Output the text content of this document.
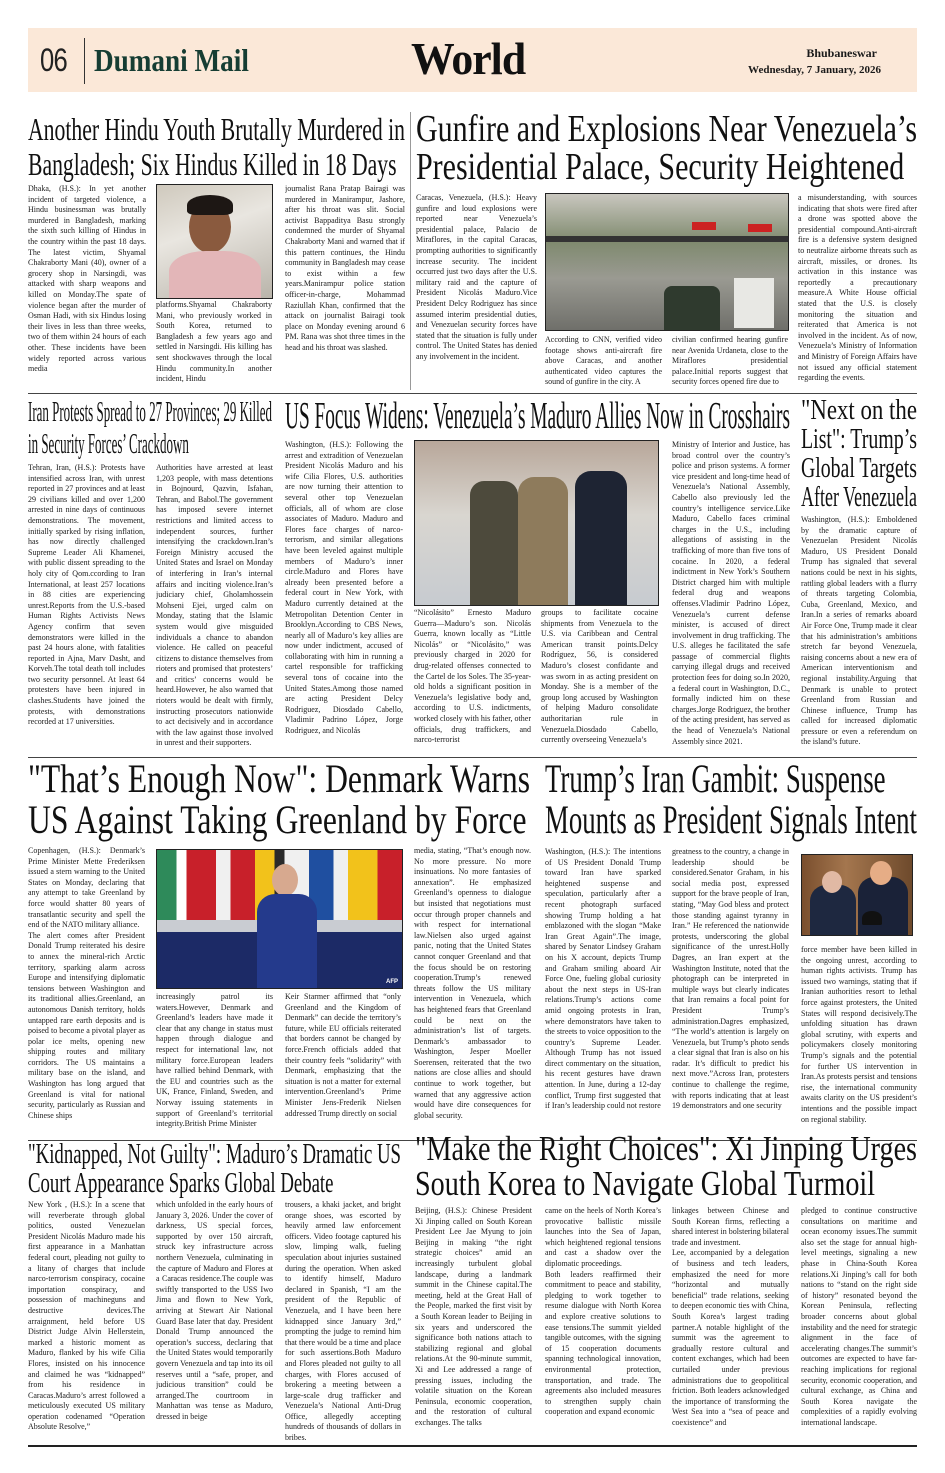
06 Dumani Mail	World	Bhubaneswar
Wednesday, 7 January, 2026
Another Hindu Youth Brutally Murdered in
Bangladesh; Six Hindus Killed in 18 Days
Dhaka, (H.S.): In yet another incident of targeted violence, a Hindu businessman was brutally murdered in Bangladesh, marking the sixth such killing of Hindus in the country within the past 18 days. The latest victim, Shyamal Chakraborty Mani (40), owner of a grocery shop in Narsingdi, was attacked with sharp weapons and killed on Monday.The spate of violence began after the murder of Osman Hadi, with six Hindus losing their lives in less than three weeks, two of them within 24 hours of each other. These incidents have been widely reported across various media
platforms.Shyamal Chakraborty Mani, who previously worked in South Korea, returned to Bangladesh a few years ago and settled in Narsingdi. His killing has sent shockwaves through the local Hindu community.In another incident, Hindu
journalist Rana Pratap Bairagi was murdered in Manirampur, Jashore, after his throat was slit. Social activist Bappaditya Basu strongly condemned the murder of Shyamal Chakraborty Mani and warned that if this pattern continues, the Hindu community in Bangladesh may cease to exist within a few years.Manirampur police station officer-in-charge, Mohammad Raziullah Khan, confirmed that the attack on journalist Bairagi took place on Monday evening around 6 PM. Rana was shot three times in the head and his throat was slashed.
Gunfire and Explosions Near Venezuela’s
Presidential Palace, Security Heightened
Caracas, Venezuela, (H.S.): Heavy gunfire and loud explosions were reported near Venezuela’s presidential palace, Palacio de Miraflores, in the capital Caracas, prompting authorities to significantly increase security. The incident occurred just two days after the U.S. military raid and the capture of President Nicolás Maduro.Vice President Delcy Rodriguez has since assumed interim presidential duties, and Venezuelan security forces have stated that the situation is fully under control. The United States has denied any involvement in the incident.
According to CNN, verified video footage shows anti-aircraft fire above Caracas, and another authenticated video captures the sound of gunfire in the city. A
civilian confirmed hearing gunfire near Avenida Urdaneta, close to the Miraflores presidential palace.Initial reports suggest that security forces opened fire due to
a misunderstanding, with sources indicating that shots were fired after a drone was spotted above the presidential compound.Anti-aircraft fire is a defensive system designed to neutralize airborne threats such as aircraft, missiles, or drones. Its activation in this instance was reportedly a precautionary measure.A White House official stated that the U.S. is closely monitoring the situation and reiterated that America is not involved in the incident. As of now, Venezuela’s Ministry of Information and Ministry of Foreign Affairs have not issued any official statement regarding the events.
Iran Protests Spread to 27 Provinces; 29 Killed
in Security Forces’ Crackdown
Tehran, Iran, (H.S.): Protests have intensified across Iran, with unrest reported in 27 provinces and at least 29 civilians killed and over 1,200 arrested in nine days of continuous demonstrations. The movement, initially sparked by rising inflation, has now directly challenged Supreme Leader Ali Khamenei, with public dissent spreading to the holy city of Qom.ccording to Iran International, at least 257 locations in 88 cities are experiencing unrest.Reports from the U.S.-based Human Rights Activists News Agency confirm that seven demonstrators were killed in the past 24 hours alone, with fatalities reported in Ajna, Marv Dasht, and Korveh.The total death toll includes two security personnel. At least 64 protesters have been injured in clashes.Students have joined the protests, with demonstrations recorded at 17 universities.
Authorities have arrested at least 1,203 people, with mass detentions in Bojnourd, Qazvin, Isfahan, Tehran, and Babol.The government has imposed severe internet restrictions and limited access to independent sources, further intensifying the crackdown.Iran’s Foreign Ministry accused the United States and Israel on Monday of interfering in Iran’s internal affairs and inciting violence.Iran’s judiciary chief, Gholamhossein Mohseni Ejei, urged calm on Monday, stating that the Islamic system would give misguided individuals a chance to abandon violence. He called on peaceful citizens to distance themselves from rioters and promised that protesters’ and critics’ concerns would be heard.However, he also warned that rioters would be dealt with firmly, instructing prosecutors nationwide to act decisively and in accordance with the law against those involved in unrest and their supporters.
US Focus Widens: Venezuela’s Maduro Allies Now in Crosshairs
Washington, (H.S.): Following the arrest and extradition of Venezuelan President Nicolás Maduro and his wife Cilia Flores, U.S. authorities are now turning their attention to several other top Venezuelan officials, all of whom are close associates of Maduro. Maduro and Flores face charges of narco-terrorism, and similar allegations have been leveled against multiple members of Maduro’s inner circle.Maduro and Flores have already been presented before a federal court in New York, with Maduro currently detained at the Metropolitan Detention Center in Brooklyn.According to CBS News, nearly all of Maduro’s key allies are now under indictment, accused of collaborating with him in running a cartel responsible for trafficking several tons of cocaine into the United States.Among those named are acting President Delcy Rodriguez, Diosdado Cabello, Vladimir Padrino López, Jorge Rodriguez, and Nicolás
“Nicolásito” Ernesto Maduro Guerra—Maduro’s son. Nicolás Guerra, known locally as “Little Nicolás” or “Nicolásito,” was previously charged in 2020 for drug-related offenses connected to the Cartel de los Soles. The 35-year-old holds a significant position in Venezuela’s legislative body and, according to U.S. indictments, worked closely with his father, other officials, drug traffickers, and narco-terrorist
groups to facilitate cocaine shipments from Venezuela to the U.S. via Caribbean and Central American transit points.Delcy Rodríguez, 56, is considered Maduro’s closest confidante and was sworn in as acting president on Monday. She is a member of the group long accused by Washington of helping Maduro consolidate authoritarian rule in Venezuela.Diosdado Cabello, currently overseeing Venezuela’s
Ministry of Interior and Justice, has broad control over the country’s police and prison systems. A former vice president and long-time head of Venezuela’s National Assembly, Cabello also previously led the country’s intelligence service.Like Maduro, Cabello faces criminal charges in the U.S., including allegations of assisting in the trafficking of more than five tons of cocaine. In 2020, a federal indictment in New York’s Southern District charged him with multiple federal drug and weapons offenses.Vladimir Padrino López, Venezuela’s current defense minister, is accused of direct involvement in drug trafficking. The U.S. alleges he facilitated the safe passage of commercial flights carrying illegal drugs and received protection fees for doing so.In 2020, a federal court in Washington, D.C., formally indicted him on these charges.Jorge Rodriguez, the brother of the acting president, has served as the head of Venezuela’s National Assembly since 2021.
"Next on the
List": Trump’s
Global Targets
After Venezuela
Washington, (H.S.): Emboldened by the dramatic capture of Venezuelan President Nicolás Maduro, US President Donald Trump has signaled that several nations could be next in his sights, rattling global leaders with a flurry of threats targeting Colombia, Cuba, Greenland, Mexico, and Iran.In a series of remarks aboard Air Force One, Trump made it clear that his administration’s ambitions stretch far beyond Venezuela, raising concerns about a new era of American interventionism and regional instability.Arguing that Denmark is unable to protect Greenland from Russian and Chinese influence, Trump has called for increased diplomatic pressure or even a referendum on the island’s future.
"That’s Enough Now": Denmark Warns
US Against Taking Greenland by Force
Copenhagen, (H.S.): Denmark’s Prime Minister Mette Frederiksen issued a stern warning to the United States on Monday, declaring that any attempt to take Greenland by force would shatter 80 years of transatlantic security and spell the end of the NATO military alliance.
The alert comes after President Donald Trump reiterated his desire to annex the mineral-rich Arctic territory, sparking alarm across Europe and intensifying diplomatic tensions between Washington and its traditional allies.Greenland, an autonomous Danish territory, holds untapped rare earth deposits and is poised to become a pivotal player as polar ice melts, opening new shipping routes and military corridors. The US maintains a military base on the island, and Washington has long argued that Greenland is vital for national security, particularly as Russian and Chinese ships
AFP
increasingly patrol its waters.However, Denmark and Greenland’s leaders have made it clear that any change in status must happen through dialogue and respect for international law, not military force.European leaders have rallied behind Denmark, with the EU and countries such as the UK, France, Finland, Sweden, and Norway issuing statements in support of Greenland’s territorial integrity.British Prime Minister
Keir Starmer affirmed that “only Greenland and the Kingdom of Denmark” can decide the territory’s future, while EU officials reiterated that borders cannot be changed by force.French officials added that their country feels “solidarity” with Denmark, emphasizing that the situation is not a matter for external intervention.Greenland’s Prime Minister Jens-Frederik Nielsen addressed Trump directly on social
media, stating, “That’s enough now. No more pressure. No more insinuations. No more fantasies of annexation”. He emphasized Greenland’s openness to dialogue but insisted that negotiations must occur through proper channels and with respect for international law.Nielsen also urged against panic, noting that the United States cannot conquer Greenland and that the focus should be on restoring cooperation.Trump’s renewed threats follow the US military intervention in Venezuela, which has heightened fears that Greenland could be next on the administration’s list of targets. Denmark’s ambassador to Washington, Jesper Moeller Soerensen, reiterated that the two nations are close allies and should continue to work together, but warned that any aggressive action would have dire consequences for global security.
Trump’s Iran Gambit: Suspense
Mounts as President Signals Intent
Washington, (H.S.): The intentions of US President Donald Trump toward Iran have sparked heightened suspense and speculation, particularly after a recent photograph surfaced showing Trump holding a hat emblazoned with the slogan “Make Iran Great Again”.The image, shared by Senator Lindsey Graham on his X account, depicts Trump and Graham smiling aboard Air Force One, fueling global curiosity about the next steps in US-Iran relations.Trump’s actions come amid ongoing protests in Iran, where demonstrators have taken to the streets to voice opposition to the country’s Supreme Leader. Although Trump has not issued direct commentary on the situation, his recent gestures have drawn attention. In June, during a 12-day conflict, Trump first suggested that if Iran’s leadership could not restore
greatness to the country, a change in leadership should be considered.Senator Graham, in his social media post, expressed support for the brave people of Iran, stating, “May God bless and protect those standing against tyranny in Iran.” He referenced the nationwide protests, underscoring the global significance of the unrest.Holly Dagres, an Iran expert at the Washington Institute, noted that the photograph can be interpreted in multiple ways but clearly indicates that Iran remains a focal point for President Trump’s administration.Dagres emphasized, “The world’s attention is largely on Venezuela, but Trump’s photo sends a clear signal that Iran is also on his radar. It’s difficult to predict his next move.”Across Iran, protesters continue to challenge the regime, with reports indicating that at least 19 demonstrators and one security
force member have been killed in the ongoing unrest, according to human rights activists. Trump has issued two warnings, stating that if Iranian authorities resort to lethal force against protesters, the United States will respond decisively.The unfolding situation has drawn global scrutiny, with experts and policymakers closely monitoring Trump’s signals and the potential for further US intervention in Iran.As protests persist and tensions rise, the international community awaits clarity on the US president’s intentions and the possible impact on regional stability.
"Kidnapped, Not Guilty": Maduro’s Dramatic US
Court Appearance Sparks Global Debate
New York , (H.S.): In a scene that will reverberate through global politics, ousted Venezuelan President Nicolás Maduro made his first appearance in a Manhattan federal court, pleading not guilty to a litany of charges that include narco-terrorism conspiracy, cocaine importation conspiracy, and possession of machineguns and destructive devices.The arraignment, held before US District Judge Alvin Hellerstein, marked a historic moment as Maduro, flanked by his wife Cilia Flores, insisted on his innocence and claimed he was “kidnapped” from his residence in Caracas.Maduro’s arrest followed a meticulously executed US military operation codenamed “Operation Absolute Resolve,”
which unfolded in the early hours of January 3, 2026. Under the cover of darkness, US special forces, supported by over 150 aircraft, struck key infrastructure across northern Venezuela, culminating in the capture of Maduro and Flores at a Caracas residence.The couple was swiftly transported to the USS Iwo Jima and flown to New York, arriving at Stewart Air National Guard Base later that day. President Donald Trump announced the operation’s success, declaring that the United States would temporarily govern Venezuela and tap into its oil reserves until a “safe, proper, and judicious transition” could be arranged.The courtroom in Manhattan was tense as Maduro, dressed in beige
trousers, a khaki jacket, and bright orange shoes, was escorted by heavily armed law enforcement officers. Video footage captured his slow, limping walk, fueling speculation about injuries sustained during the operation. When asked to identify himself, Maduro declared in Spanish, “I am the president of the Republic of Venezuela, and I have been here kidnapped since January 3rd,” prompting the judge to remind him that there would be a time and place for such assertions.Both Maduro and Flores pleaded not guilty to all charges, with Flores accused of brokering a meeting between a large-scale drug trafficker and Venezuela’s National Anti-Drug Office, allegedly accepting hundreds of thousands of dollars in bribes.
"Make the Right Choices": Xi Jinping Urges
South Korea to Navigate Global Turmoil
Beijing, (H.S.): Chinese President Xi Jinping called on South Korean President Lee Jae Myung to join Beijing in making “the right strategic choices” amid an increasingly turbulent global landscape, during a landmark summit in the Chinese capital.The meeting, held at the Great Hall of the People, marked the first visit by a South Korean leader to Beijing in six years and underscored the significance both nations attach to stabilizing regional and global relations.At the 90-minute summit, Xi and Lee addressed a range of pressing issues, including the volatile situation on the Korean Peninsula, economic cooperation, and the restoration of cultural exchanges. The talks
came on the heels of North Korea’s provocative ballistic missile launches into the Sea of Japan, which heightened regional tensions and cast a shadow over the diplomatic proceedings.
Both leaders reaffirmed their commitment to peace and stability, pledging to work together to resume dialogue with North Korea and explore creative solutions to ease tensions.The summit yielded tangible outcomes, with the signing of 15 cooperation documents spanning technological innovation, environmental protection, transportation, and trade. The agreements also included measures to strengthen supply chain cooperation and expand economic
linkages between Chinese and South Korean firms, reflecting a shared interest in bolstering bilateral trade and investment.
Lee, accompanied by a delegation of business and tech leaders, emphasized the need for more “horizontal and mutually beneficial” trade relations, seeking to deepen economic ties with China, South Korea’s largest trading partner.A notable highlight of the summit was the agreement to gradually restore cultural and content exchanges, which had been curtailed under previous administrations due to geopolitical friction. Both leaders acknowledged the importance of transforming the West Sea into a “sea of peace and coexistence” and
pledged to continue constructive consultations on maritime and ocean economy issues.The summit also set the stage for annual high-level meetings, signaling a new phase in China-South Korea relations.Xi Jinping’s call for both nations to “stand on the right side of history” resonated beyond the Korean Peninsula, reflecting broader concerns about global instability and the need for strategic alignment in the face of accelerating changes.The summit’s outcomes are expected to have far-reaching implications for regional security, economic cooperation, and cultural exchange, as China and South Korea navigate the complexities of a rapidly evolving international landscape.
